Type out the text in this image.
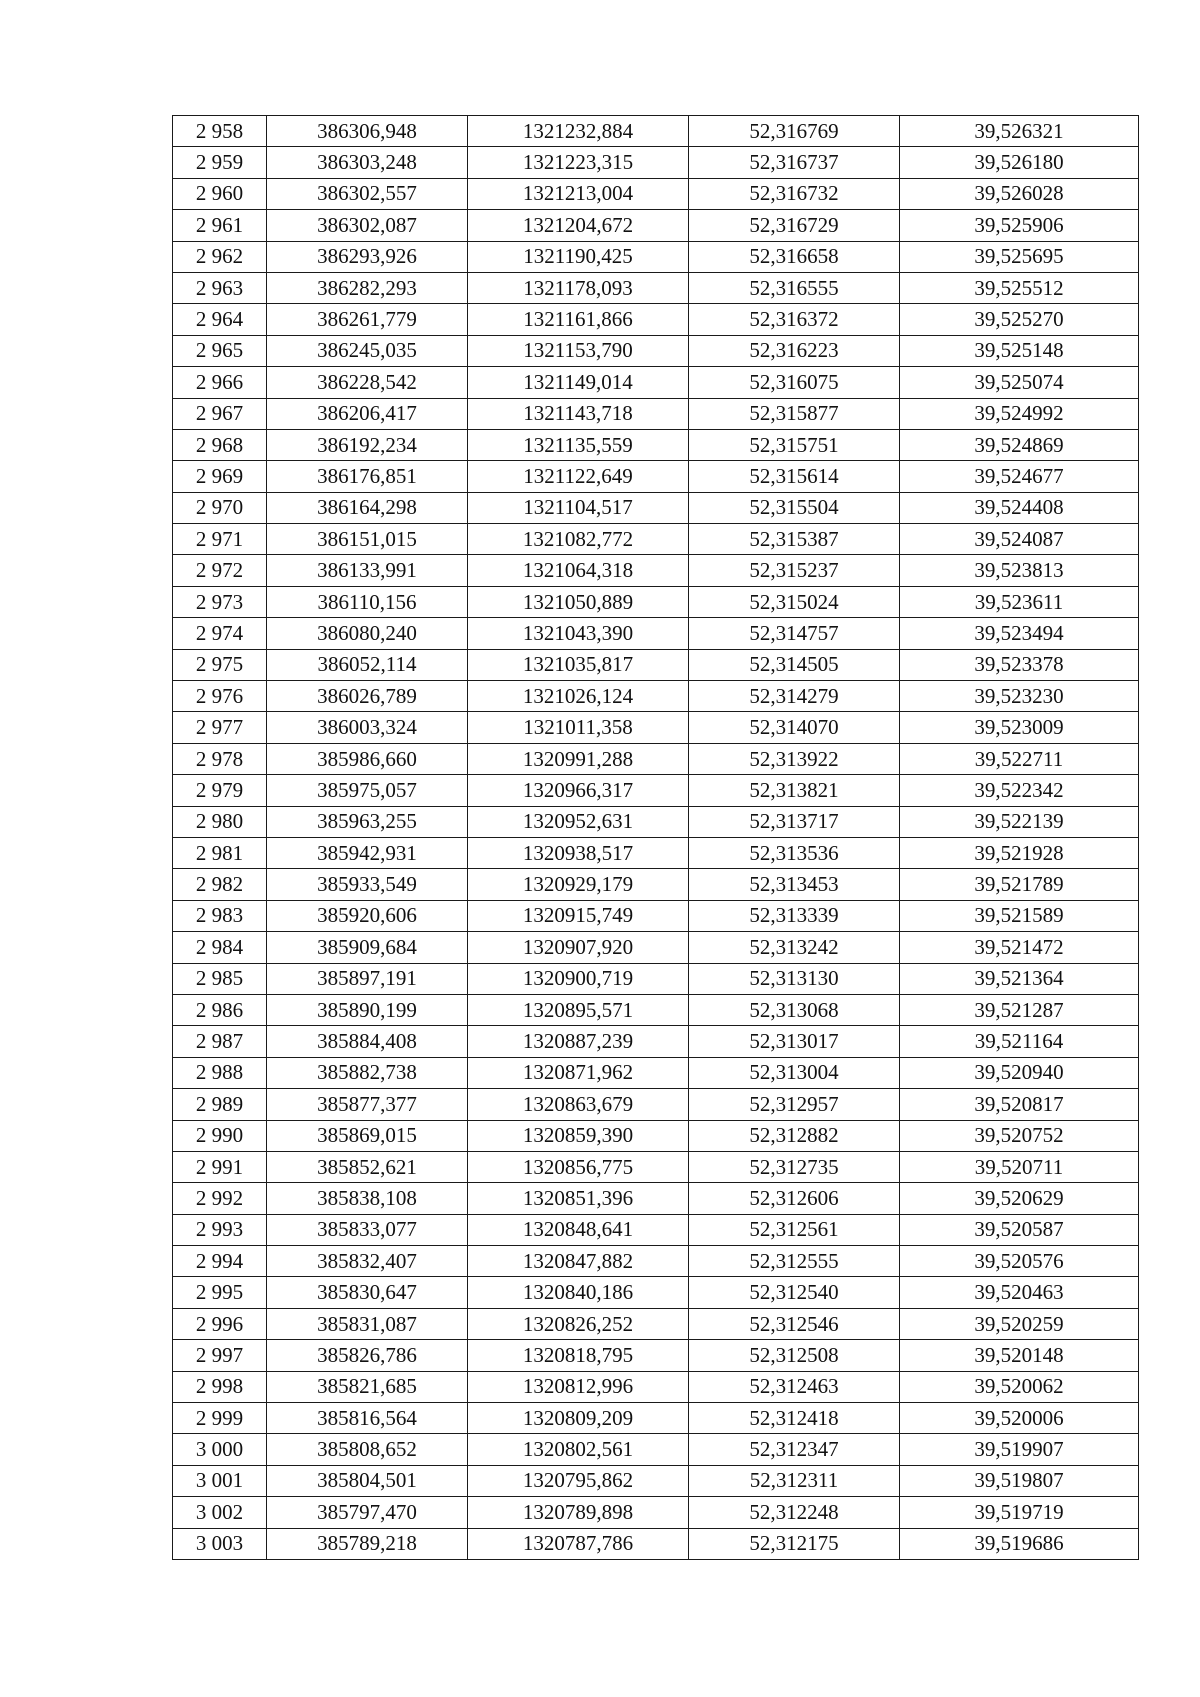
2 958	386306,948	1321232,884	52,316769	39,526321
2 959	386303,248	1321223,315	52,316737	39,526180
2 960	386302,557	1321213,004	52,316732	39,526028
2 961	386302,087	1321204,672	52,316729	39,525906
2 962	386293,926	1321190,425	52,316658	39,525695
2 963	386282,293	1321178,093	52,316555	39,525512
2 964	386261,779	1321161,866	52,316372	39,525270
2 965	386245,035	1321153,790	52,316223	39,525148
2 966	386228,542	1321149,014	52,316075	39,525074
2 967	386206,417	1321143,718	52,315877	39,524992
2 968	386192,234	1321135,559	52,315751	39,524869
2 969	386176,851	1321122,649	52,315614	39,524677
2 970	386164,298	1321104,517	52,315504	39,524408
2 971	386151,015	1321082,772	52,315387	39,524087
2 972	386133,991	1321064,318	52,315237	39,523813
2 973	386110,156	1321050,889	52,315024	39,523611
2 974	386080,240	1321043,390	52,314757	39,523494
2 975	386052,114	1321035,817	52,314505	39,523378
2 976	386026,789	1321026,124	52,314279	39,523230
2 977	386003,324	1321011,358	52,314070	39,523009
2 978	385986,660	1320991,288	52,313922	39,522711
2 979	385975,057	1320966,317	52,313821	39,522342
2 980	385963,255	1320952,631	52,313717	39,522139
2 981	385942,931	1320938,517	52,313536	39,521928
2 982	385933,549	1320929,179	52,313453	39,521789
2 983	385920,606	1320915,749	52,313339	39,521589
2 984	385909,684	1320907,920	52,313242	39,521472
2 985	385897,191	1320900,719	52,313130	39,521364
2 986	385890,199	1320895,571	52,313068	39,521287
2 987	385884,408	1320887,239	52,313017	39,521164
2 988	385882,738	1320871,962	52,313004	39,520940
2 989	385877,377	1320863,679	52,312957	39,520817
2 990	385869,015	1320859,390	52,312882	39,520752
2 991	385852,621	1320856,775	52,312735	39,520711
2 992	385838,108	1320851,396	52,312606	39,520629
2 993	385833,077	1320848,641	52,312561	39,520587
2 994	385832,407	1320847,882	52,312555	39,520576
2 995	385830,647	1320840,186	52,312540	39,520463
2 996	385831,087	1320826,252	52,312546	39,520259
2 997	385826,786	1320818,795	52,312508	39,520148
2 998	385821,685	1320812,996	52,312463	39,520062
2 999	385816,564	1320809,209	52,312418	39,520006
3 000	385808,652	1320802,561	52,312347	39,519907
3 001	385804,501	1320795,862	52,312311	39,519807
3 002	385797,470	1320789,898	52,312248	39,519719
3 003	385789,218	1320787,786	52,312175	39,519686
